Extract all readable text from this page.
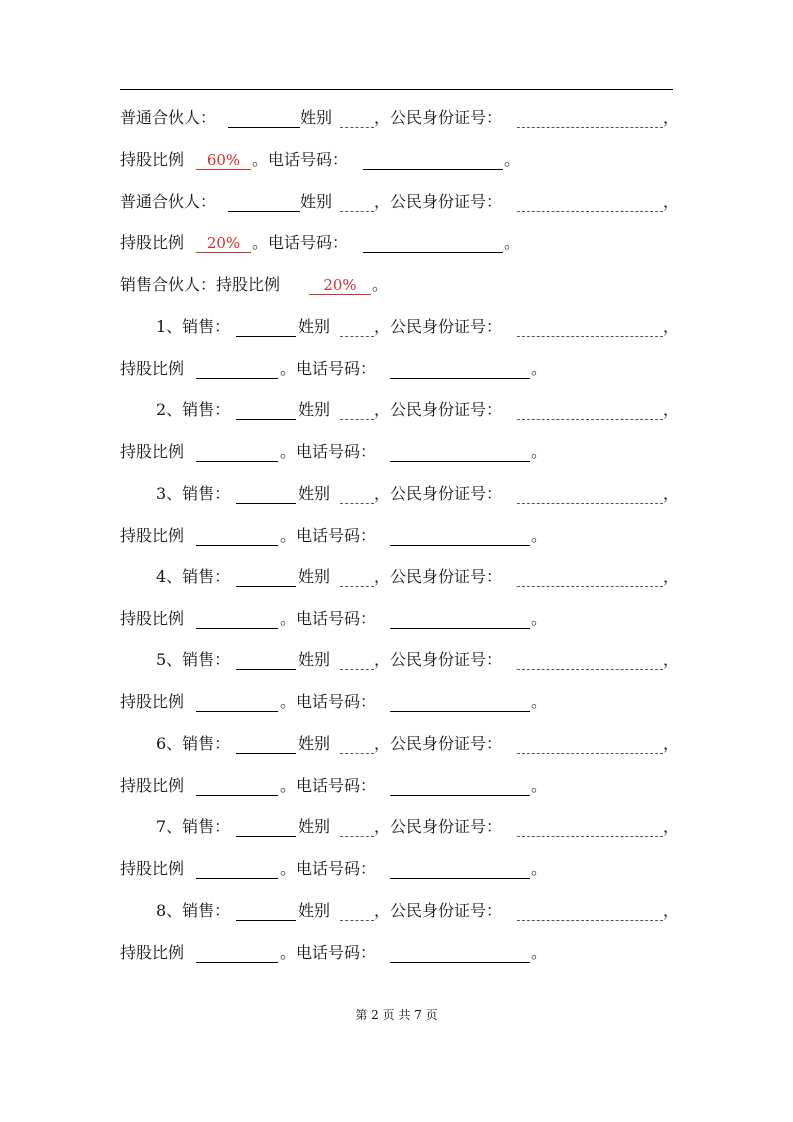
普通合伙人：	姓别	，公民身份证号：	，
持股比例	60% 。电话号码：	。
普通合伙人：	姓别	，公民身份证号：	，
持股比例	20% 。电话号码：	。
销售合伙人：持股比例	20% 。
1、销售：	姓别	，公民身份证号：	，
持股比例	。电话号码：	。
2、销售：	姓别	，公民身份证号：	，
持股比例	。电话号码：	。
3、销售：	姓别	，公民身份证号：	，
持股比例	。电话号码：	。
4、销售：	姓别	，公民身份证号：	，
持股比例	。电话号码：	。
5、销售：	姓别	，公民身份证号：	，
持股比例	。电话号码：	。
6、销售：	姓别	，公民身份证号：	，
持股比例	。电话号码：	。
7、销售：	姓别	，公民身份证号：	，
持股比例	。电话号码：	。
8、销售：	姓别	，公民身份证号：	，
持股比例	。电话号码：	。
第 2 页 共 7 页
